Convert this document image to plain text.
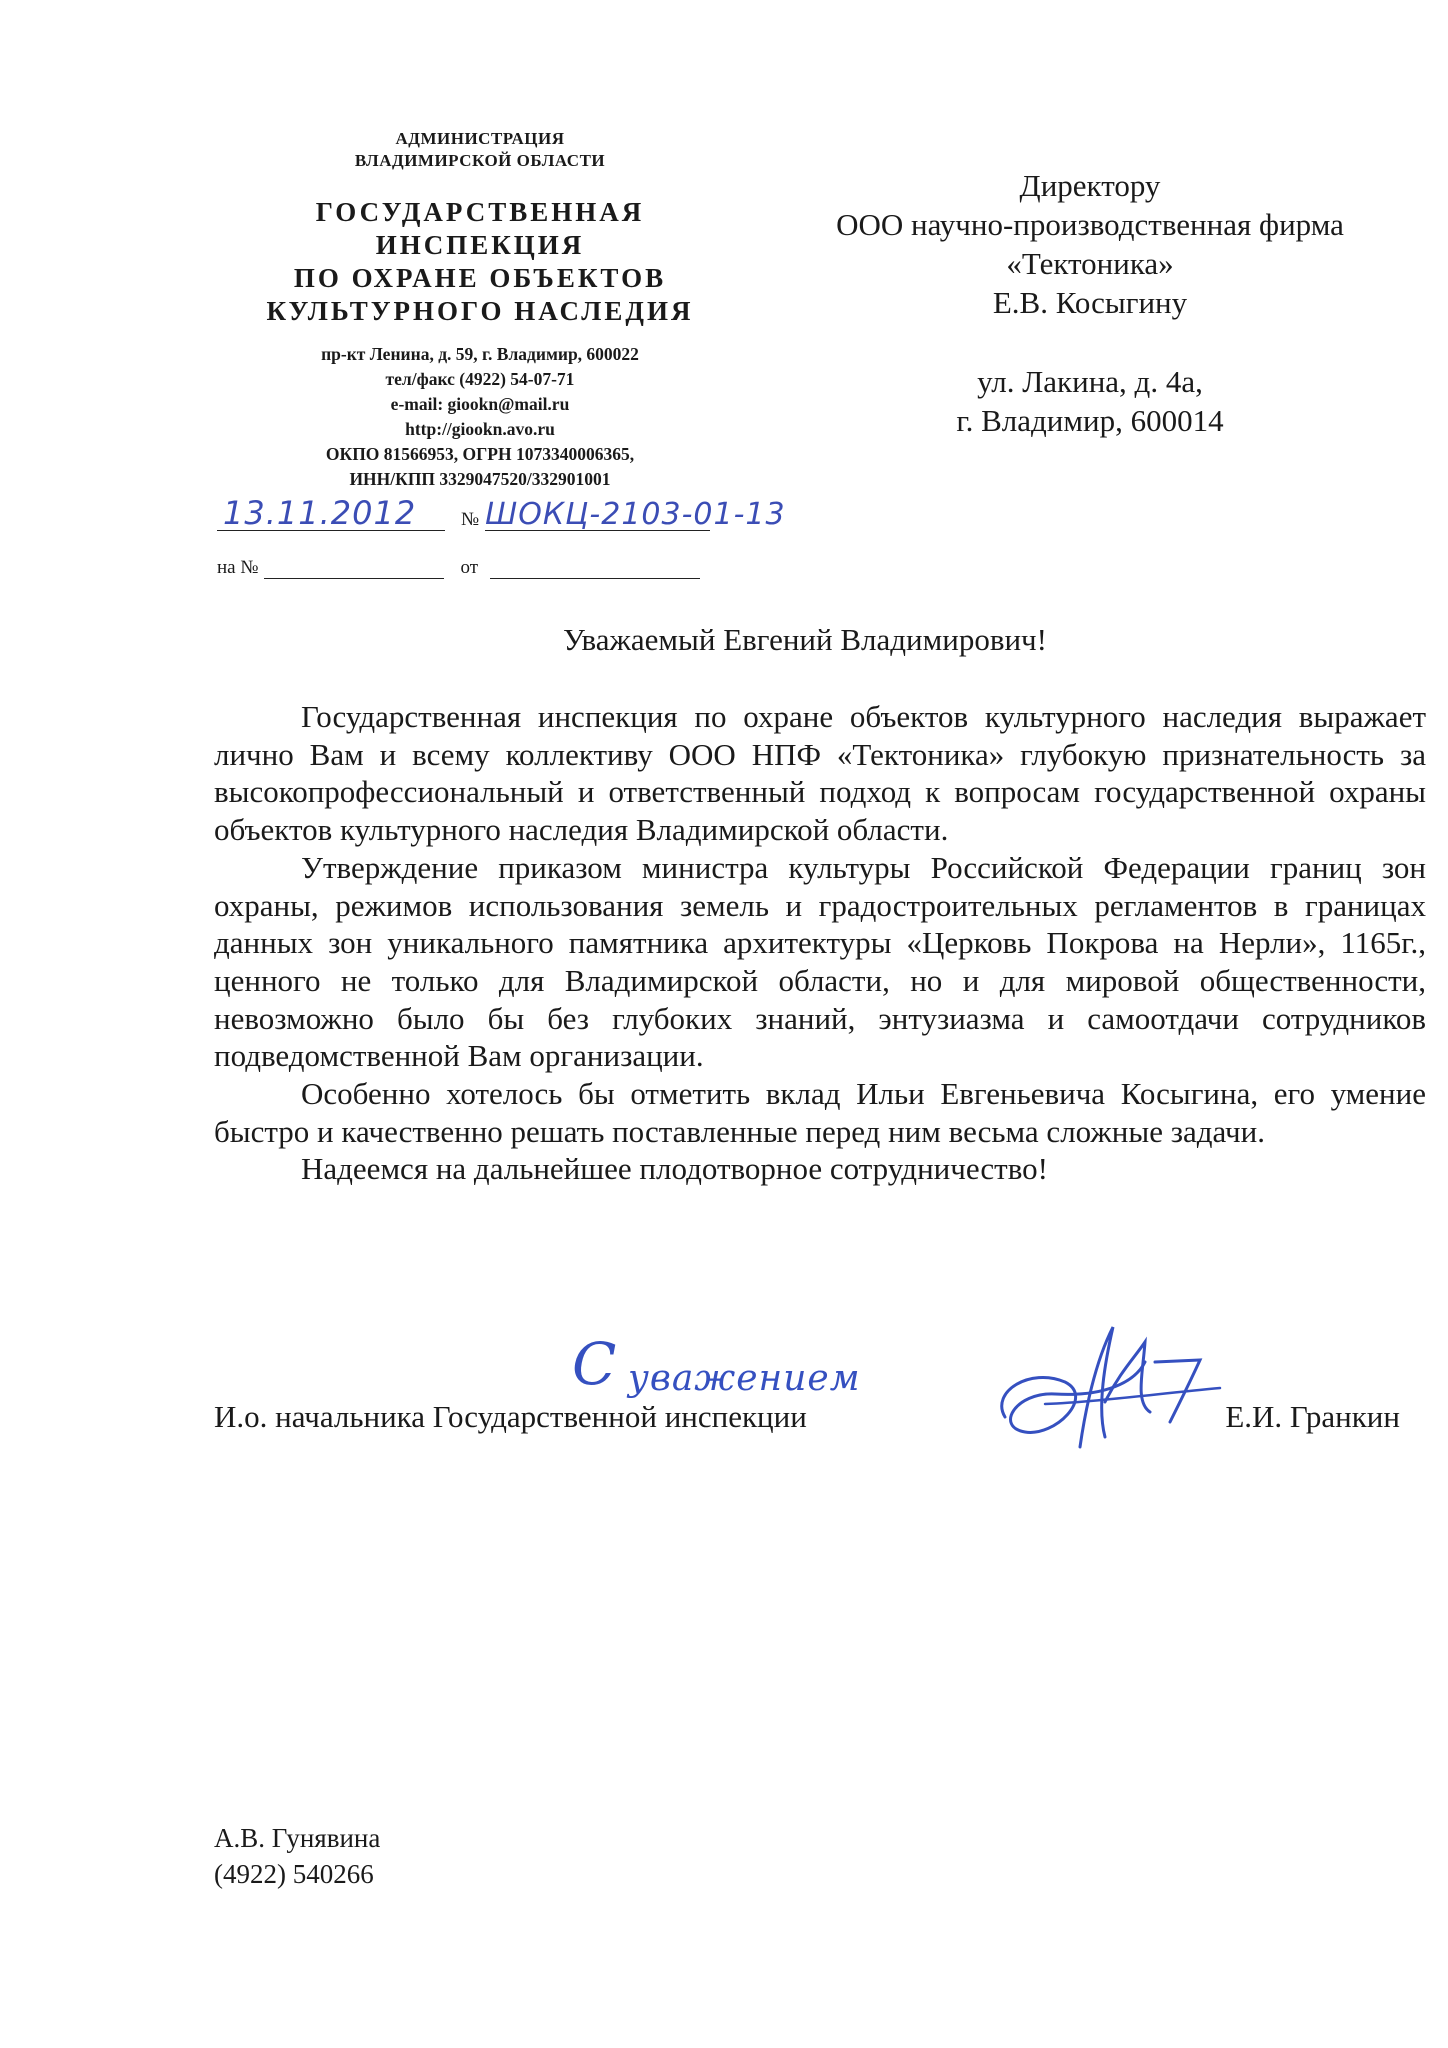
АДМИНИСТРАЦИЯ
ВЛАДИМИРСКОЙ ОБЛАСТИ
ГОСУДАРСТВЕННАЯ
ИНСПЕКЦИЯ
ПО ОХРАНЕ ОБЪЕКТОВ
КУЛЬТУРНОГО НАСЛЕДИЯ
пр-кт Ленина, д. 59, г. Владимир, 600022
тел/факс (4922) 54-07-71
e-mail: giookn@mail.ru
http://giookn.avo.ru
ОКПО 81566953, ОГРН 1073340006365,
ИНН/КПП 3329047520/332901001
13.11.2012 № ШОКЦ-2103-01-13
на №	от
Директору
ООО научно-производственная фирма
«Тектоника»
Е.В. Косыгину
ул. Лакина, д. 4а,
г. Владимир, 600014
Уважаемый Евгений Владимирович!

Государственная инспекция по охране объектов культурного наследия выражает лично Вам и всему коллективу ООО НПФ «Тектоника» глубокую признательность за высокопрофессиональный и ответственный подход к вопросам государственной охраны объектов культурного наследия Владимирской области.

Утверждение приказом министра культуры Российской Федерации границ зон охраны, режимов использования земель и градостроительных регламентов в границах данных зон уникального памятника архитектуры «Церковь Покрова на Нерли», 1165г., ценного не только для Владимирской области, но и для мировой общественности, невозможно было бы без глубоких знаний, энтузиазма и самоотдачи сотрудников подведомственной Вам организации.

Особенно хотелось бы отметить вклад Ильи Евгеньевича Косыгина, его умение быстро и качественно решать поставленные перед ним весьма сложные задачи.

Надеемся на дальнейшее плодотворное сотрудничество!

И.о. начальника Государственной инспекции
С уважением
Е.И. Гранкин
А.В. Гунявина
(4922) 540266
